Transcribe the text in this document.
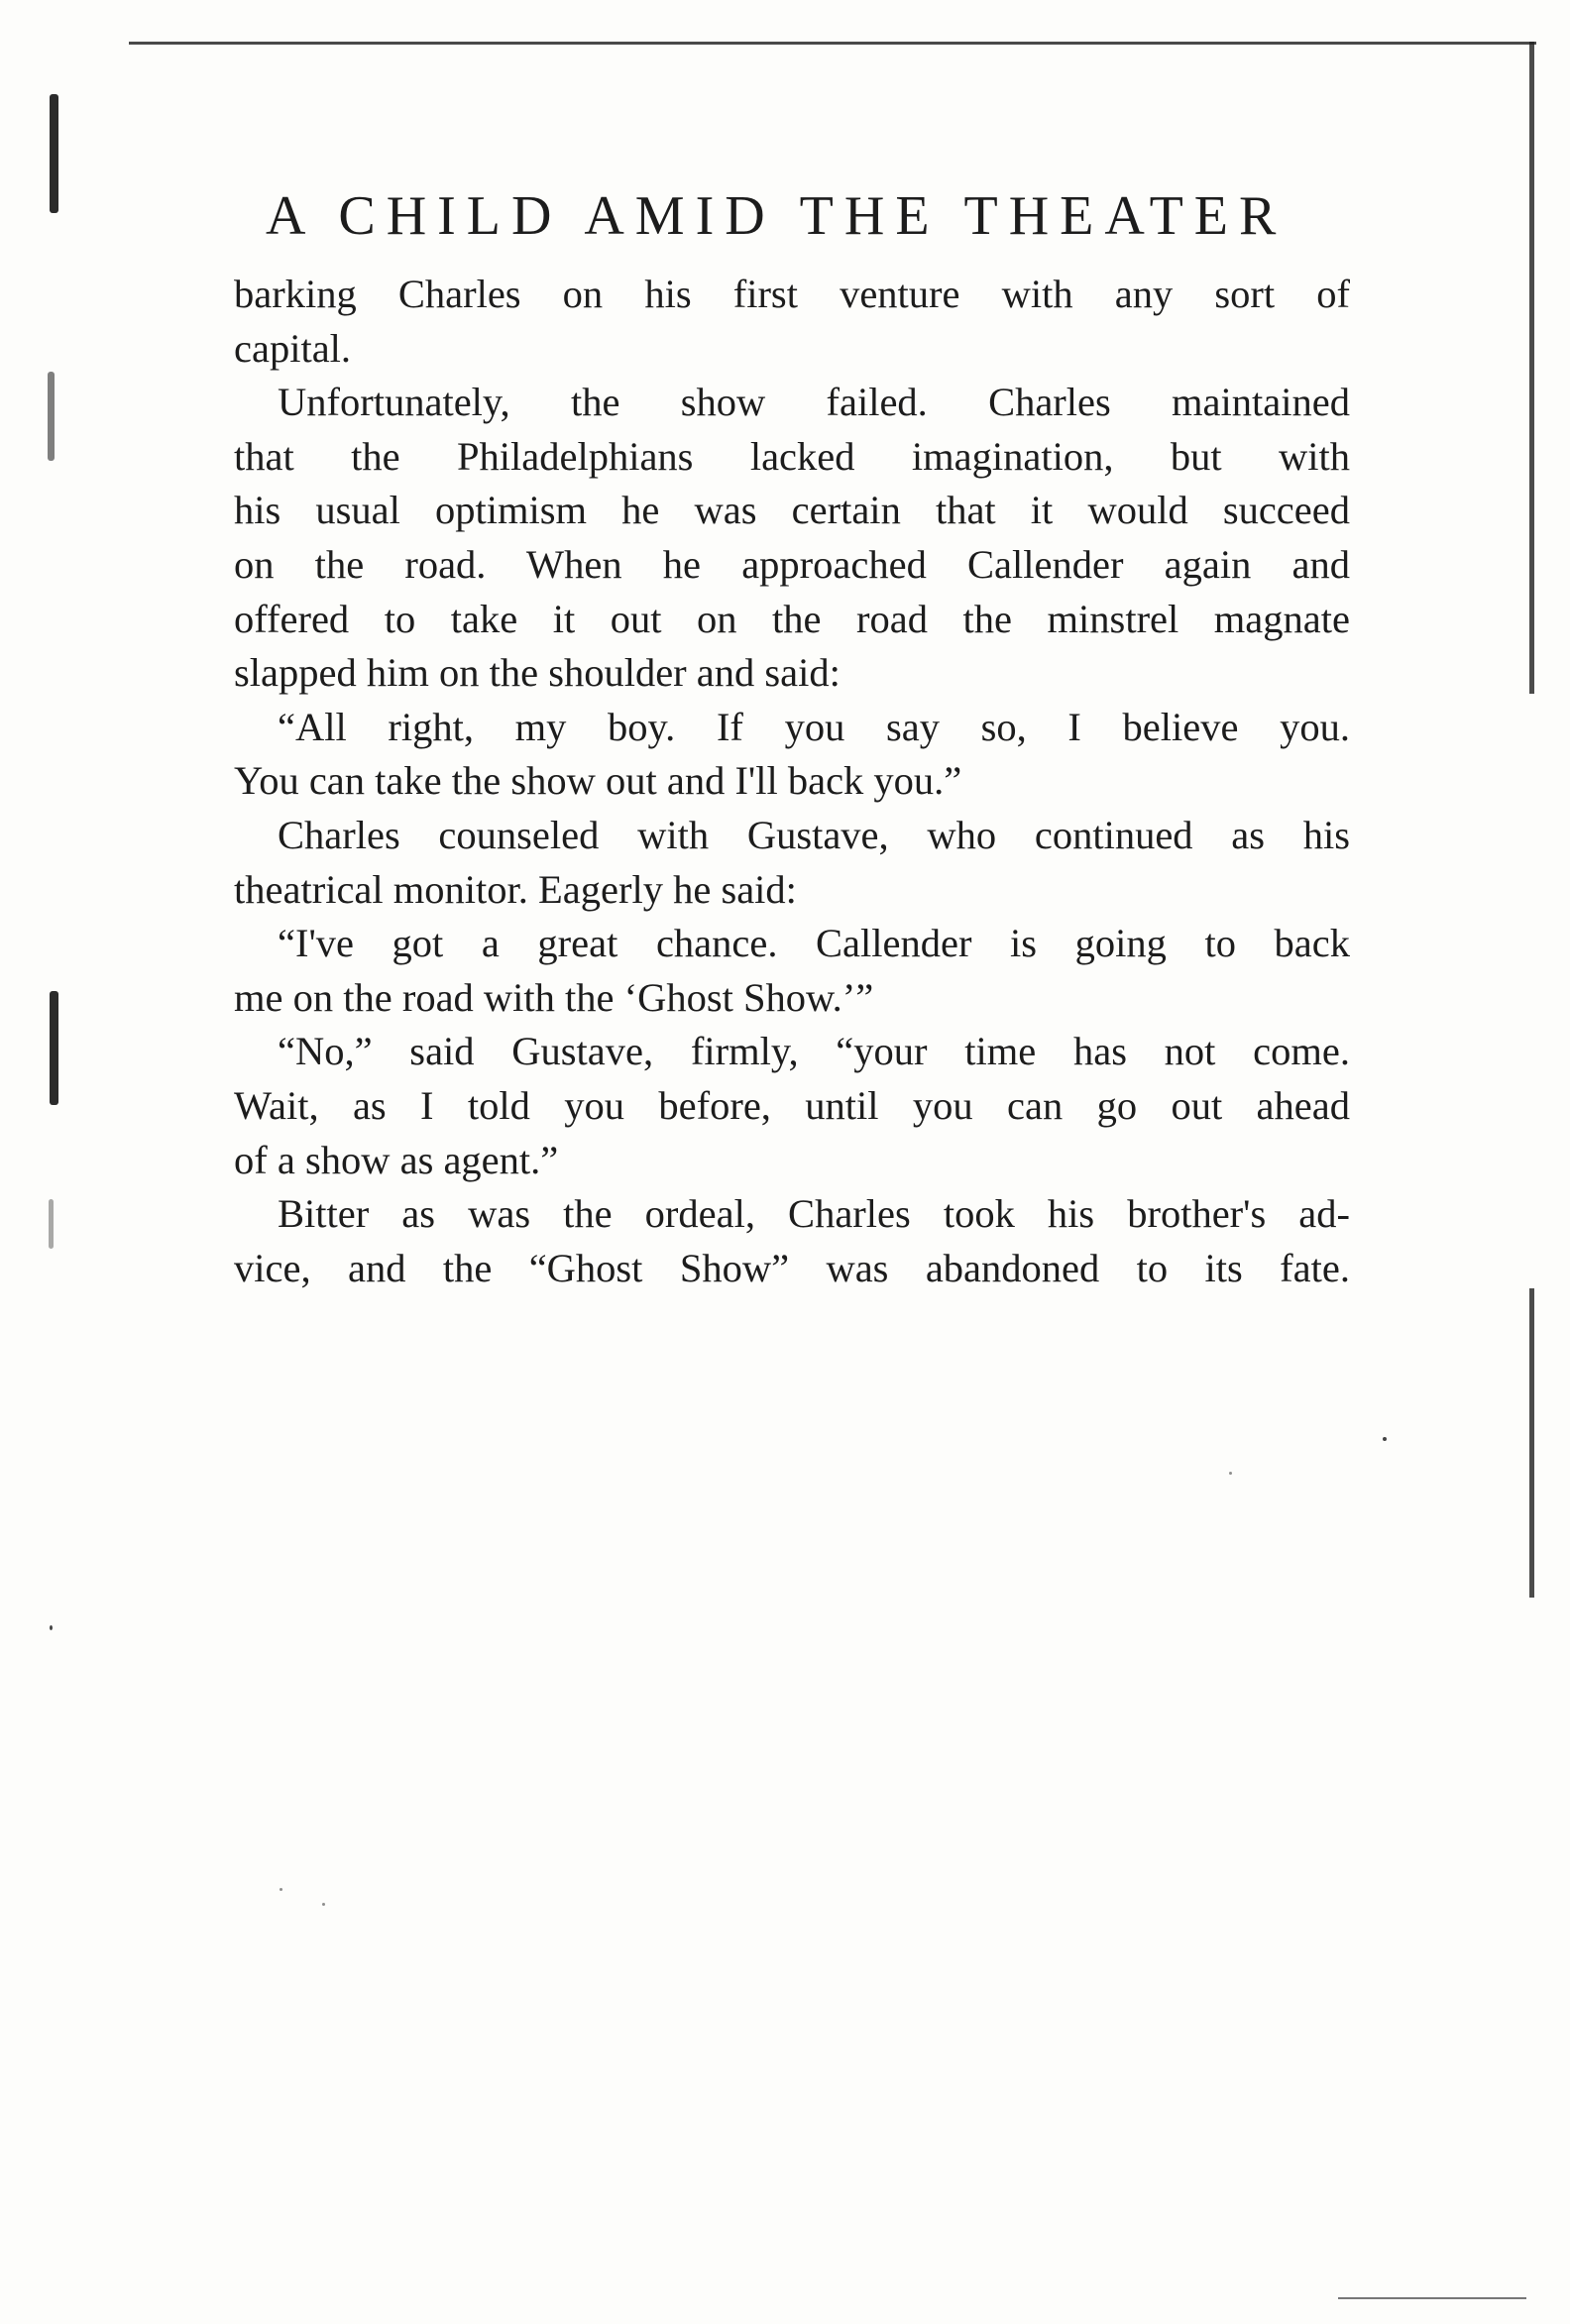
A CHILD AMID THE THEATER

barking Charles on his first venture with any sort of
capital.

Unfortunately, the show failed. Charles maintained
that the Philadelphians lacked imagination, but with
his usual optimism he was certain that it would succeed
on the road. When he approached Callender again and
offered to take it out on the road the minstrel magnate
slapped him on the shoulder and said:

“All right, my boy. If you say so, I believe you.
You can take the show out and I'll back you.”

Charles counseled with Gustave, who continued as his
theatrical monitor. Eagerly he said:

“I've got a great chance. Callender is going to back
me on the road with the ‘Ghost Show.’”

“No,” said Gustave, firmly, “your time has not come.
Wait, as I told you before, until you can go out ahead
of a show as agent.”

Bitter as was the ordeal, Charles took his brother's ad-
vice, and the “Ghost Show” was abandoned to its fate.
